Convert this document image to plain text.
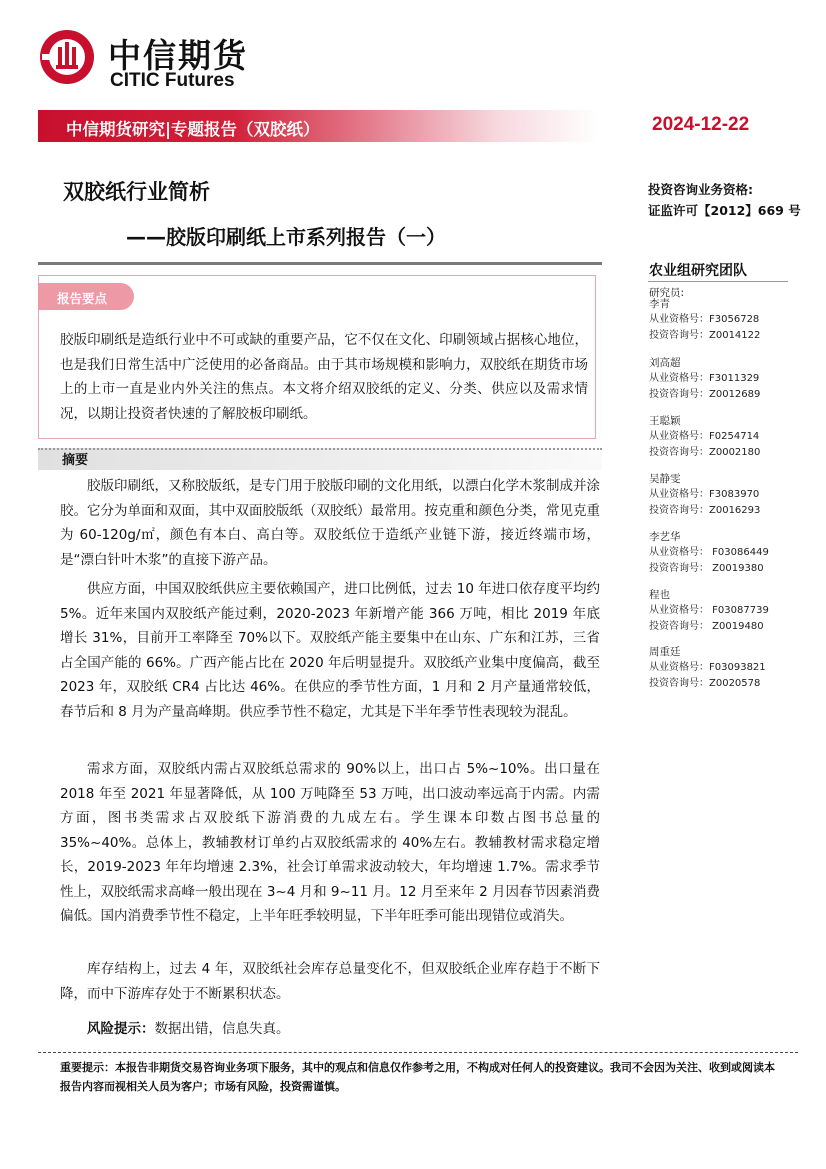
中信期货
CITIC Futures
中信期货研究|专题报告（双胶纸）	2024-12-22
双胶纸行业简析
——胶版印刷纸上市系列报告（一）
投资咨询业务资格:
证监许可【2012】669 号
农业组研究团队
研究员:
李青
从业资格号：F3056728
投资咨询号：Z0014122
刘高超
从业资格号：F3011329
投资咨询号：Z0012689
王聪颖
从业资格号：F0254714
投资咨询号：Z0002180
吴静雯
从业资格号：F3083970
投资咨询号：Z0016293
李艺华
从业资格号： F03086449
投资咨询号： Z0019380
程也
从业资格号： F03087739
投资咨询号： Z0019480
周重廷
从业资格号：F03093821
投资咨询号：Z0020578
报告要点
胶版印刷纸是造纸行业中不可或缺的重要产品，它不仅在文化、印刷领域占据核心地位，也是我们日常生活中广泛使用的必备商品。由于其市场规模和影响力，双胶纸在期货市场上的上市一直是业内外关注的焦点。本文将介绍双胶纸的定义、分类、供应以及需求情况，以期让投资者快速的了解胶板印刷纸。
摘要
胶版印刷纸，又称胶版纸，是专门用于胶版印刷的文化用纸，以漂白化学木浆制成并涂胶。它分为单面和双面，其中双面胶版纸（双胶纸）最常用。按克重和颜色分类，常见克重为 60-120g/㎡，颜色有本白、高白等。双胶纸位于造纸产业链下游，接近终端市场，是“漂白针叶木浆”的直接下游产品。
供应方面，中国双胶纸供应主要依赖国产，进口比例低，过去 10 年进口依存度平均约 5%。近年来国内双胶纸产能过剩，2020-2023 年新增产能 366 万吨，相比 2019 年底增长 31%，目前开工率降至 70%以下。双胶纸产能主要集中在山东、广东和江苏，三省占全国产能的 66%。广西产能占比在 2020 年后明显提升。双胶纸产业集中度偏高，截至 2023 年，双胶纸 CR4 占比达 46%。在供应的季节性方面，1 月和 2 月产量通常较低，春节后和 8 月为产量高峰期。供应季节性不稳定，尤其是下半年季节性表现较为混乱。
需求方面，双胶纸内需占双胶纸总需求的 90%以上，出口占 5%~10%。出口量在 2018 年至 2021 年显著降低，从 100 万吨降至 53 万吨，出口波动率远高于内需。内需方面，图书类需求占双胶纸下游消费的九成左右。学生课本印数占图书总量的 35%~40%。总体上，教辅教材订单约占双胶纸需求的 40%左右。教辅教材需求稳定增长，2019-2023 年年均增速 2.3%，社会订单需求波动较大，年均增速 1.7%。需求季节性上，双胶纸需求高峰一般出现在 3~4 月和 9~11 月。12 月至来年 2 月因春节因素消费偏低。国内消费季节性不稳定，上半年旺季较明显，下半年旺季可能出现错位或消失。
库存结构上，过去 4 年，双胶纸社会库存总量变化不，但双胶纸企业库存趋于不断下降，而中下游库存处于不断累积状态。
风险提示：数据出错，信息失真。
重要提示：本报告非期货交易咨询业务项下服务，其中的观点和信息仅作参考之用，不构成对任何人的投资建议。我司不会因为关注、收到或阅读本报告内容而视相关人员为客户；市场有风险，投资需谨慎。
